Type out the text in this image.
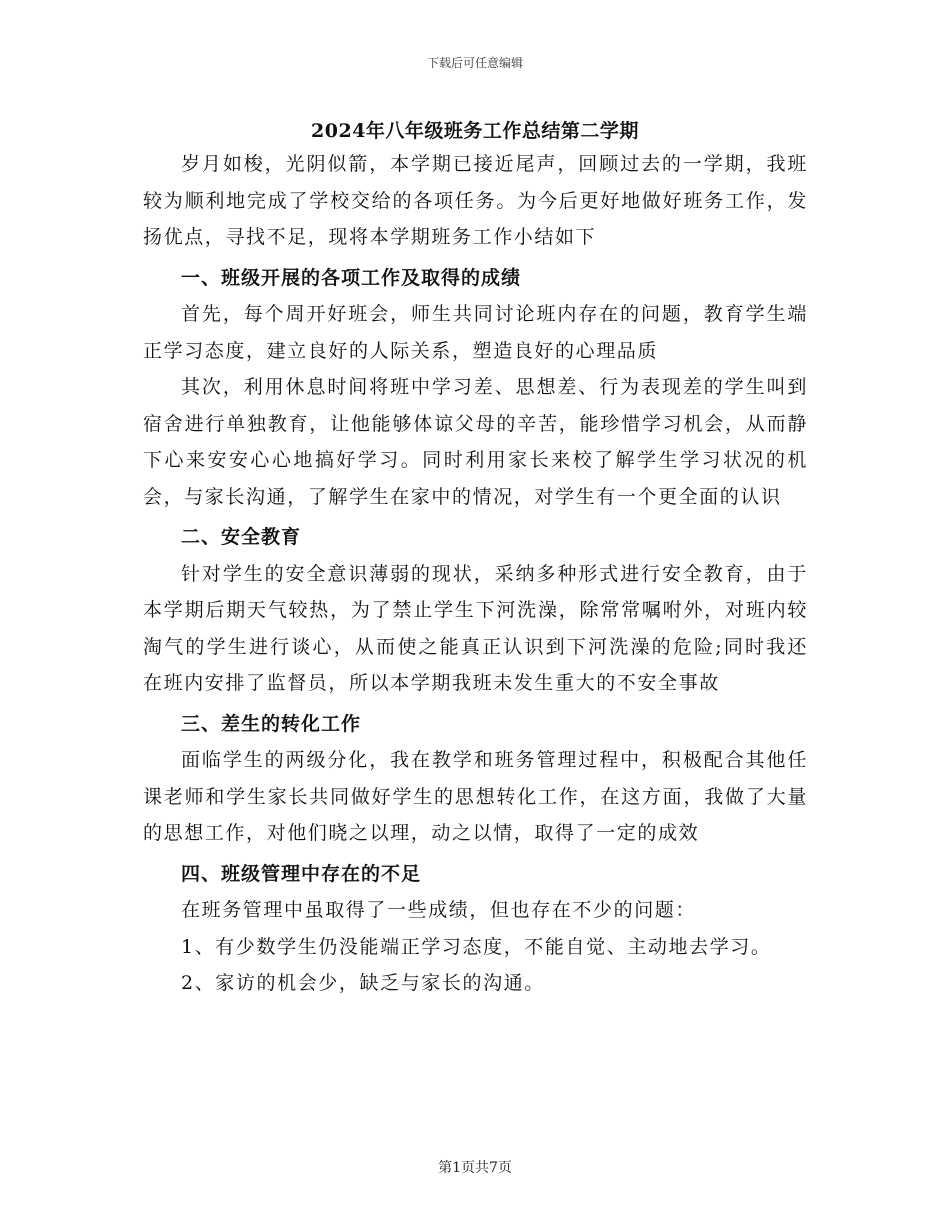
下载后可任意编辑
2024年八年级班务工作总结第二学期

岁月如梭，光阴似箭，本学期已接近尾声，回顾过去的一学期，我班较为顺利地完成了学校交给的各项任务。为今后更好地做好班务工作，发扬优点，寻找不足，现将本学期班务工作小结如下

一、班级开展的各项工作及取得的成绩

首先，每个周开好班会，师生共同讨论班内存在的问题，教育学生端正学习态度，建立良好的人际关系，塑造良好的心理品质

其次，利用休息时间将班中学习差、思想差、行为表现差的学生叫到宿舍进行单独教育，让他能够体谅父母的辛苦，能珍惜学习机会，从而静下心来安安心心地搞好学习。同时利用家长来校了解学生学习状况的机会，与家长沟通，了解学生在家中的情况，对学生有一个更全面的认识

二、安全教育

针对学生的安全意识薄弱的现状，采纳多种形式进行安全教育，由于本学期后期天气较热，为了禁止学生下河洗澡，除常常嘱咐外，对班内较淘气的学生进行谈心，从而使之能真正认识到下河洗澡的危险;同时我还在班内安排了监督员，所以本学期我班未发生重大的不安全事故

三、差生的转化工作

面临学生的两级分化，我在教学和班务管理过程中，积极配合其他任课老师和学生家长共同做好学生的思想转化工作，在这方面，我做了大量的思想工作，对他们晓之以理，动之以情，取得了一定的成效

四、班级管理中存在的不足

在班务管理中虽取得了一些成绩，但也存在不少的问题：

1、有少数学生仍没能端正学习态度，不能自觉、主动地去学习。

2、家访的机会少，缺乏与家长的沟通。

第1页共7页
